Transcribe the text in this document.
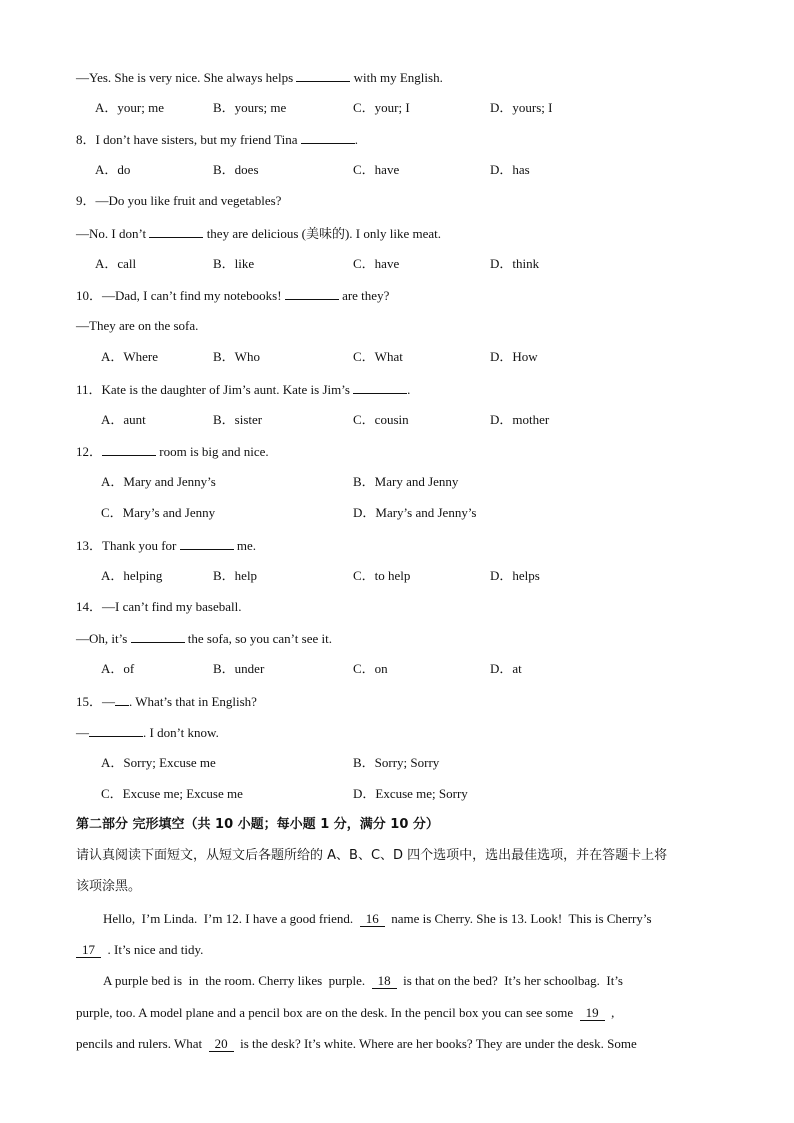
—Yes. She is very nice. She always helps	with my English.
A．your; me	B．yours; me	C．your; I	D．yours; I
8．I don’t have sisters, but my friend Tina	.
A．do	B．does	C．have	D．has
9．—Do you like fruit and vegetables?
—No. I don’t	they are delicious (美味的). I only like meat.
A．call	B．like	C．have	D．think
10．—Dad, I can’t find my notebooks!	are they?
—They are on the sofa.
A．Where	B．Who	C．What	D．How
11．Kate is the daughter of Jim’s aunt. Kate is Jim’s	.
A．aunt	B．sister	C．cousin	D．mother
12．	room is big and nice.
A．Mary and Jenny’s	B．Mary and Jenny
C．Mary’s and Jenny	D．Mary’s and Jenny’s
13．Thank you for	me.
A．helping	B．help	C．to help	D．helps
14．—I can’t find my baseball.
—Oh, it’s	the sofa, so you can’t see it.
A．of	B．under	C．on	D．at
15．— . What’s that in English?
—	. I don’t know.
A．Sorry; Excuse me	B．Sorry; Sorry
C．Excuse me; Excuse me	D．Excuse me; Sorry
第二部分 完形填空（共 10 小题；每小题 1 分，满分 10 分）
请认真阅读下面短文，从短文后各题所给的 A、B、C、D 四个选项中，选出最佳选项，并在答题卡上将
该项涂黑。
Hello,  I’m Linda.  I’m 12. I have a good friend.  16  name is Cherry. She is 13. Look!  This is Cherry’s
17  . It’s nice and tidy.
A purple bed is  in  the room. Cherry likes  purple.  18  is that on the bed?  It’s her schoolbag.  It’s
purple, too. A model plane and a pencil box are on the desk. In the pencil box you can see some  19  ,
pencils and rulers. What  20  is the desk? It’s white. Where are her books? They are under the desk. Some
